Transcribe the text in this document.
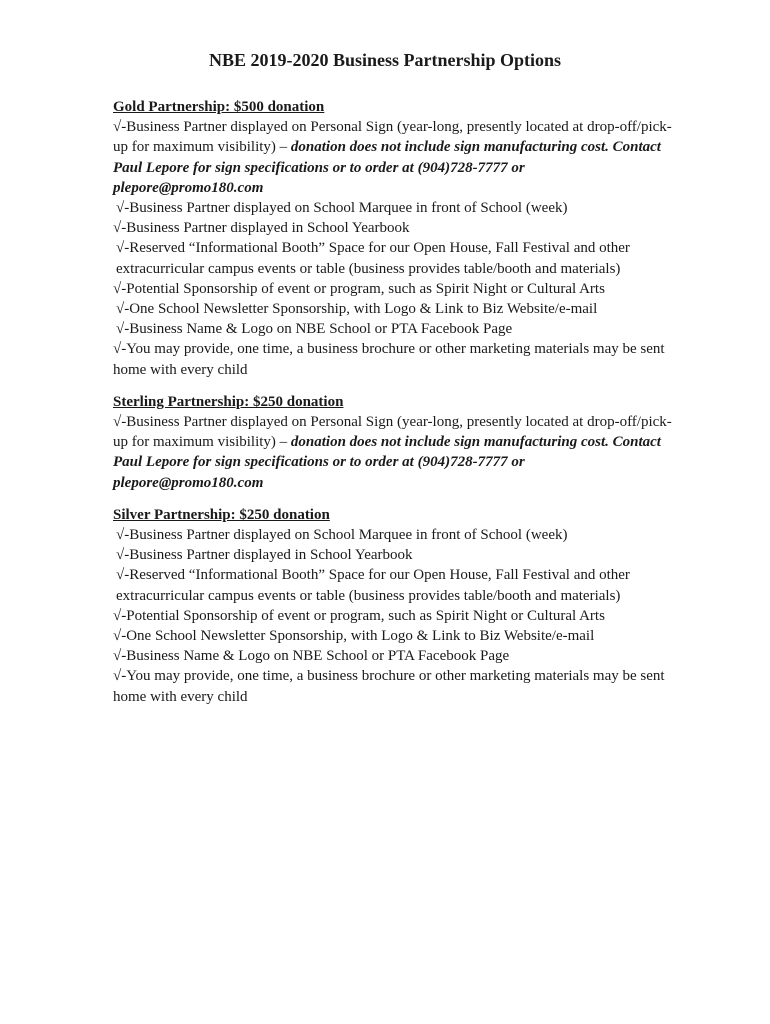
NBE 2019-2020 Business Partnership Options

Gold Partnership: $500 donation

√-Business Partner displayed on Personal Sign (year-long, presently located at drop-off/pick-up for maximum visibility) – donation does not include sign manufacturing cost. Contact Paul Lepore for sign specifications or to order at (904)728-7777 or plepore@promo180.com

√-Business Partner displayed on School Marquee in front of School (week)

√-Business Partner displayed in School Yearbook

√-Reserved “Informational Booth” Space for our Open House, Fall Festival and other extracurricular campus events or table (business provides table/booth and materials)

√-Potential Sponsorship of event or program, such as Spirit Night or Cultural Arts

√-One School Newsletter Sponsorship, with Logo & Link to Biz Website/e-mail

√-Business Name & Logo on NBE School or PTA Facebook Page

√-You may provide, one time, a business brochure or other marketing materials may be sent home with every child

Sterling Partnership: $250 donation

√-Business Partner displayed on Personal Sign (year-long, presently located at drop-off/pick-up for maximum visibility) – donation does not include sign manufacturing cost. Contact Paul Lepore for sign specifications or to order at (904)728-7777 or plepore@promo180.com

Silver Partnership: $250 donation

√-Business Partner displayed on School Marquee in front of School (week)

√-Business Partner displayed in School Yearbook

√-Reserved “Informational Booth” Space for our Open House, Fall Festival and other extracurricular campus events or table (business provides table/booth and materials)

√-Potential Sponsorship of event or program, such as Spirit Night or Cultural Arts

√-One School Newsletter Sponsorship, with Logo & Link to Biz Website/e-mail

√-Business Name & Logo on NBE School or PTA Facebook Page

√-You may provide, one time, a business brochure or other marketing materials may be sent home with every child
